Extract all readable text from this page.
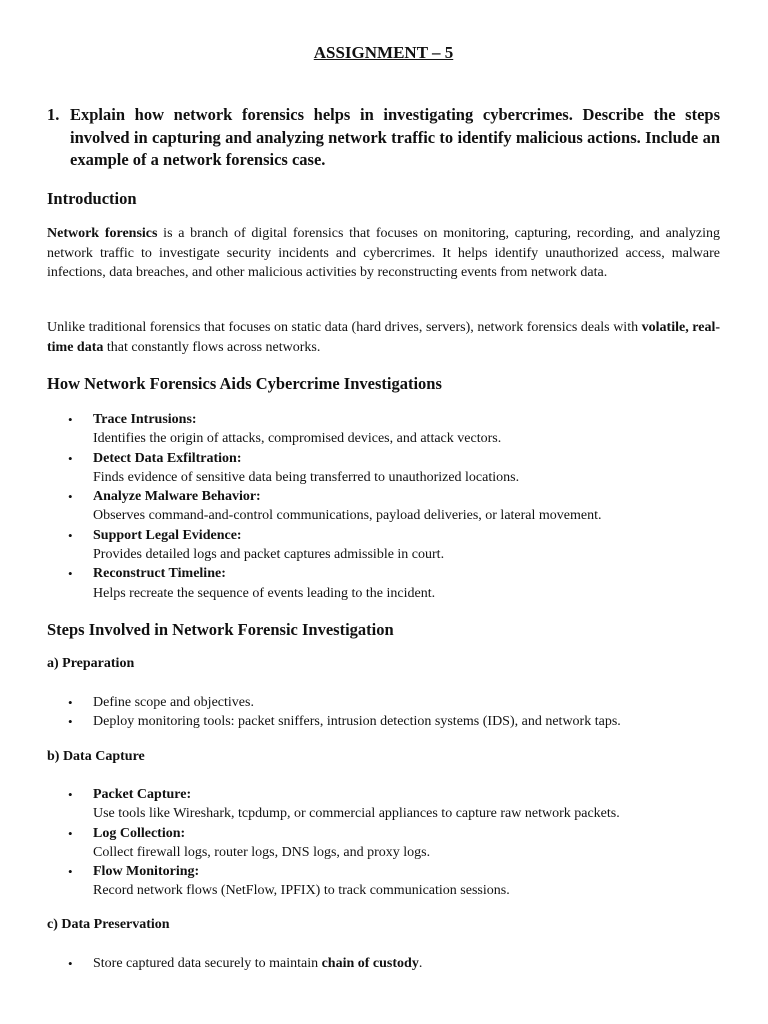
ASSIGNMENT – 5
1. Explain how network forensics helps in investigating cybercrimes. Describe the steps involved in capturing and analyzing network traffic to identify malicious actions. Include an example of a network forensics case.
Introduction
Network forensics is a branch of digital forensics that focuses on monitoring, capturing, recording, and analyzing network traffic to investigate security incidents and cybercrimes. It helps identify unauthorized access, malware infections, data breaches, and other malicious activities by reconstructing events from network data.
Unlike traditional forensics that focuses on static data (hard drives, servers), network forensics deals with volatile, real-time data that constantly flows across networks.
How Network Forensics Aids Cybercrime Investigations
• Trace Intrusions:
Identifies the origin of attacks, compromised devices, and attack vectors.
• Detect Data Exfiltration:
Finds evidence of sensitive data being transferred to unauthorized locations.
• Analyze Malware Behavior:
Observes command-and-control communications, payload deliveries, or lateral movement.
• Support Legal Evidence:
Provides detailed logs and packet captures admissible in court.
• Reconstruct Timeline:
Helps recreate the sequence of events leading to the incident.
Steps Involved in Network Forensic Investigation
a) Preparation
• Define scope and objectives.
• Deploy monitoring tools: packet sniffers, intrusion detection systems (IDS), and network taps.
b) Data Capture
• Packet Capture:
Use tools like Wireshark, tcpdump, or commercial appliances to capture raw network packets.
• Log Collection:
Collect firewall logs, router logs, DNS logs, and proxy logs.
• Flow Monitoring:
Record network flows (NetFlow, IPFIX) to track communication sessions.
c) Data Preservation
• Store captured data securely to maintain chain of custody.
